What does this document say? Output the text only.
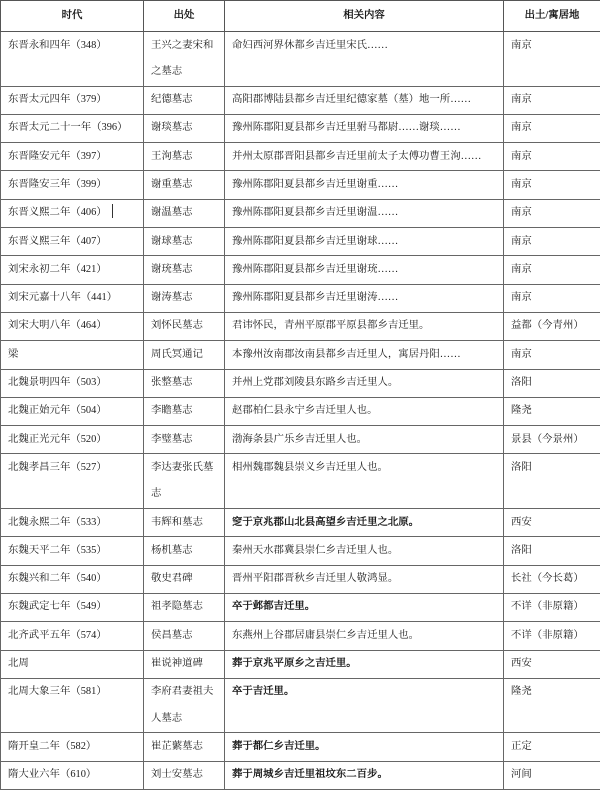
时代	出处	相关内容	出土/寓居地
东晋永和四年（348）	王兴之妻宋和之墓志	命妇西河界休都乡吉迁里宋氏……	南京
东晋太元四年（379）	纪德墓志	高阳郡博陆县都乡吉迁里纪德家墓（墓）地一所……	南京
东晋太元二十一年（396）	谢琰墓志	豫州陈郡阳夏县都乡吉迁里驸马都尉……谢琰……	南京
东晋隆安元年（397）	王洵墓志	并州太原郡晋阳县都乡吉迁里前太子太傅功曹王洵……	南京
东晋隆安三年（399）	谢重墓志	豫州陈郡阳夏县都乡吉迁里谢重……	南京
东晋义熙二年（406）	谢温墓志	豫州陈郡阳夏县都乡吉迁里谢温……	南京
东晋义熙三年（407）	谢球墓志	豫州陈郡阳夏县都乡吉迁里谢球……	南京
刘宋永初二年（421）	谢珫墓志	豫州陈郡阳夏县都乡吉迁里谢珫……	南京
刘宋元嘉十八年（441）	谢涛墓志	豫州陈郡阳夏县都乡吉迁里谢涛……	南京
刘宋大明八年（464）	刘怀民墓志	君讳怀民，青州平原郡平原县都乡吉迁里。	益都（今青州）
梁	周氏冥通记	本豫州汝南郡汝南县都乡吉迁里人，寓居丹阳……	南京
北魏景明四年（503）	张整墓志	并州上党郡刘陵县东路乡吉迁里人。	洛阳
北魏正始元年（504）	李瞻墓志	赵郡柏仁县永宁乡吉迁里人也。	隆尧
北魏正光元年（520）	李璧墓志	渤海条县广乐乡吉迁里人也。	景县（今景州）
北魏孝昌三年（527）	李达妻张氏墓志	相州魏郡魏县崇义乡吉迁里人也。	洛阳
北魏永熙二年（533）	韦辉和墓志	窆于京兆郡山北县高望乡吉迁里之北原。	西安
东魏天平二年（535）	杨机墓志	秦州天水郡冀县崇仁乡吉迁里人也。	洛阳
东魏兴和二年（540）	敬史君碑	晋州平阳郡晋秋乡吉迁里人敬鸿显。	长社（今长葛）
东魏武定七年（549）	祖孝隐墓志	卒于邺都吉迁里。	不详（非原籍）
北齐武平五年（574）	侯昌墓志	东燕州上谷郡居庸县崇仁乡吉迁里人也。	不详（非原籍）
北周	崔说神道碑	葬于京兆平原乡之吉迁里。	西安
北周大象三年（581）	李府君妻祖夫人墓志	卒于吉迁里。	隆尧
隋开皇二年（582）	崔芷蘩墓志	葬于都仁乡吉迁里。	正定
隋大业六年（610）	刘士安墓志	葬于周城乡吉迁里祖坟东二百步。	河间
